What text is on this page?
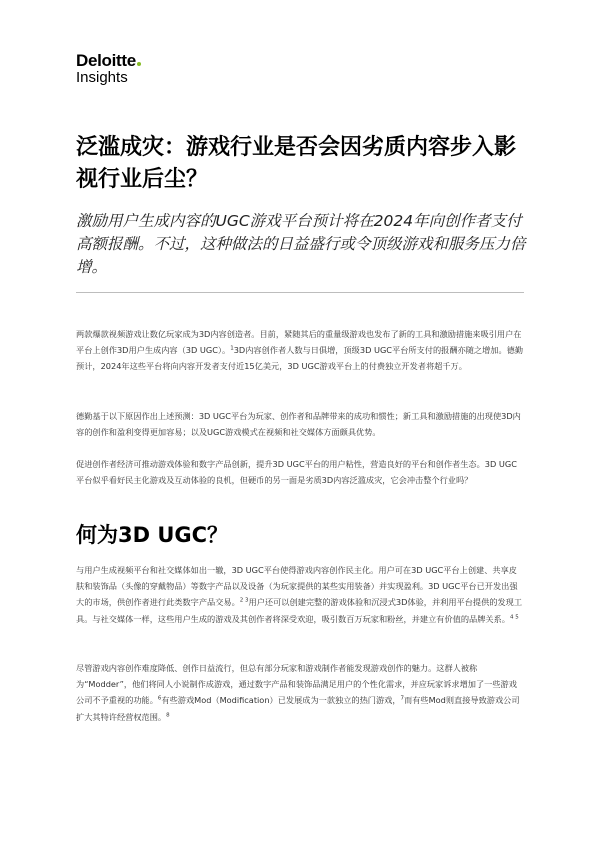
Deloitte
Insights
泛滥成灾：游戏行业是否会因劣质内容步入影视行业后尘？

激励用户生成内容的UGC游戏平台预计将在2024年向创作者支付高额报酬。不过，这种做法的日益盛行或令顶级游戏和服务压力倍增。

两款爆款视频游戏让数亿玩家成为3D内容创造者。目前，紧随其后的重量级游戏也发布了新的工具和激励措施来吸引用户在平台上创作3D用户生成内容（3D UGC）。$^1$3D内容创作者人数与日俱增，顶级3D UGC平台所支付的报酬亦随之增加。德勤预计，2024年这些平台将向内容开发者支付近15亿美元，3D UGC游戏平台上的付费独立开发者将超千万。

德勤基于以下原因作出上述预测：3D UGC平台为玩家、创作者和品牌带来的成功和惯性；新工具和激励措施的出现使3D内容的创作和盈利变得更加容易；以及UGC游戏模式在视频和社交媒体方面颇具优势。

促进创作者经济可推动游戏体验和数字产品创新，提升3D UGC平台的用户粘性，营造良好的平台和创作者生态。3D UGC平台似乎看好民主化游戏及互动体验的良机，但硬币的另一面是劣质3D内容泛滥成灾，它会冲击整个行业吗？

何为3D UGC？

与用户生成视频平台和社交媒体如出一辙，3D UGC平台使得游戏内容创作民主化。用户可在3D UGC平台上创建、共享皮肤和装饰品（头像的穿戴物品）等数字产品以及设备（为玩家提供的某些实用装备）并实现盈利。3D UGC平台已开发出强大的市场，供创作者进行此类数字产品交易。$^{2 3}$用户还可以创建完整的游戏体验和沉浸式3D体验，并利用平台提供的发现工具。与社交媒体一样，这些用户生成的游戏及其创作者将深受欢迎，吸引数百万玩家和粉丝，并建立有价值的品牌关系。$^{4 5}$

尽管游戏内容创作难度降低、创作日益流行，但总有部分玩家和游戏制作者能发现游戏创作的魅力。这群人被称为“Modder”，他们将同人小说制作成游戏，通过数字产品和装饰品满足用户的个性化需求，并应玩家诉求增加了一些游戏公司不予重视的功能。$^6$有些游戏Mod（Modification）已发展成为一款独立的热门游戏，$^7$而有些Mod则直接导致游戏公司扩大其特许经营权范围。$^8$
